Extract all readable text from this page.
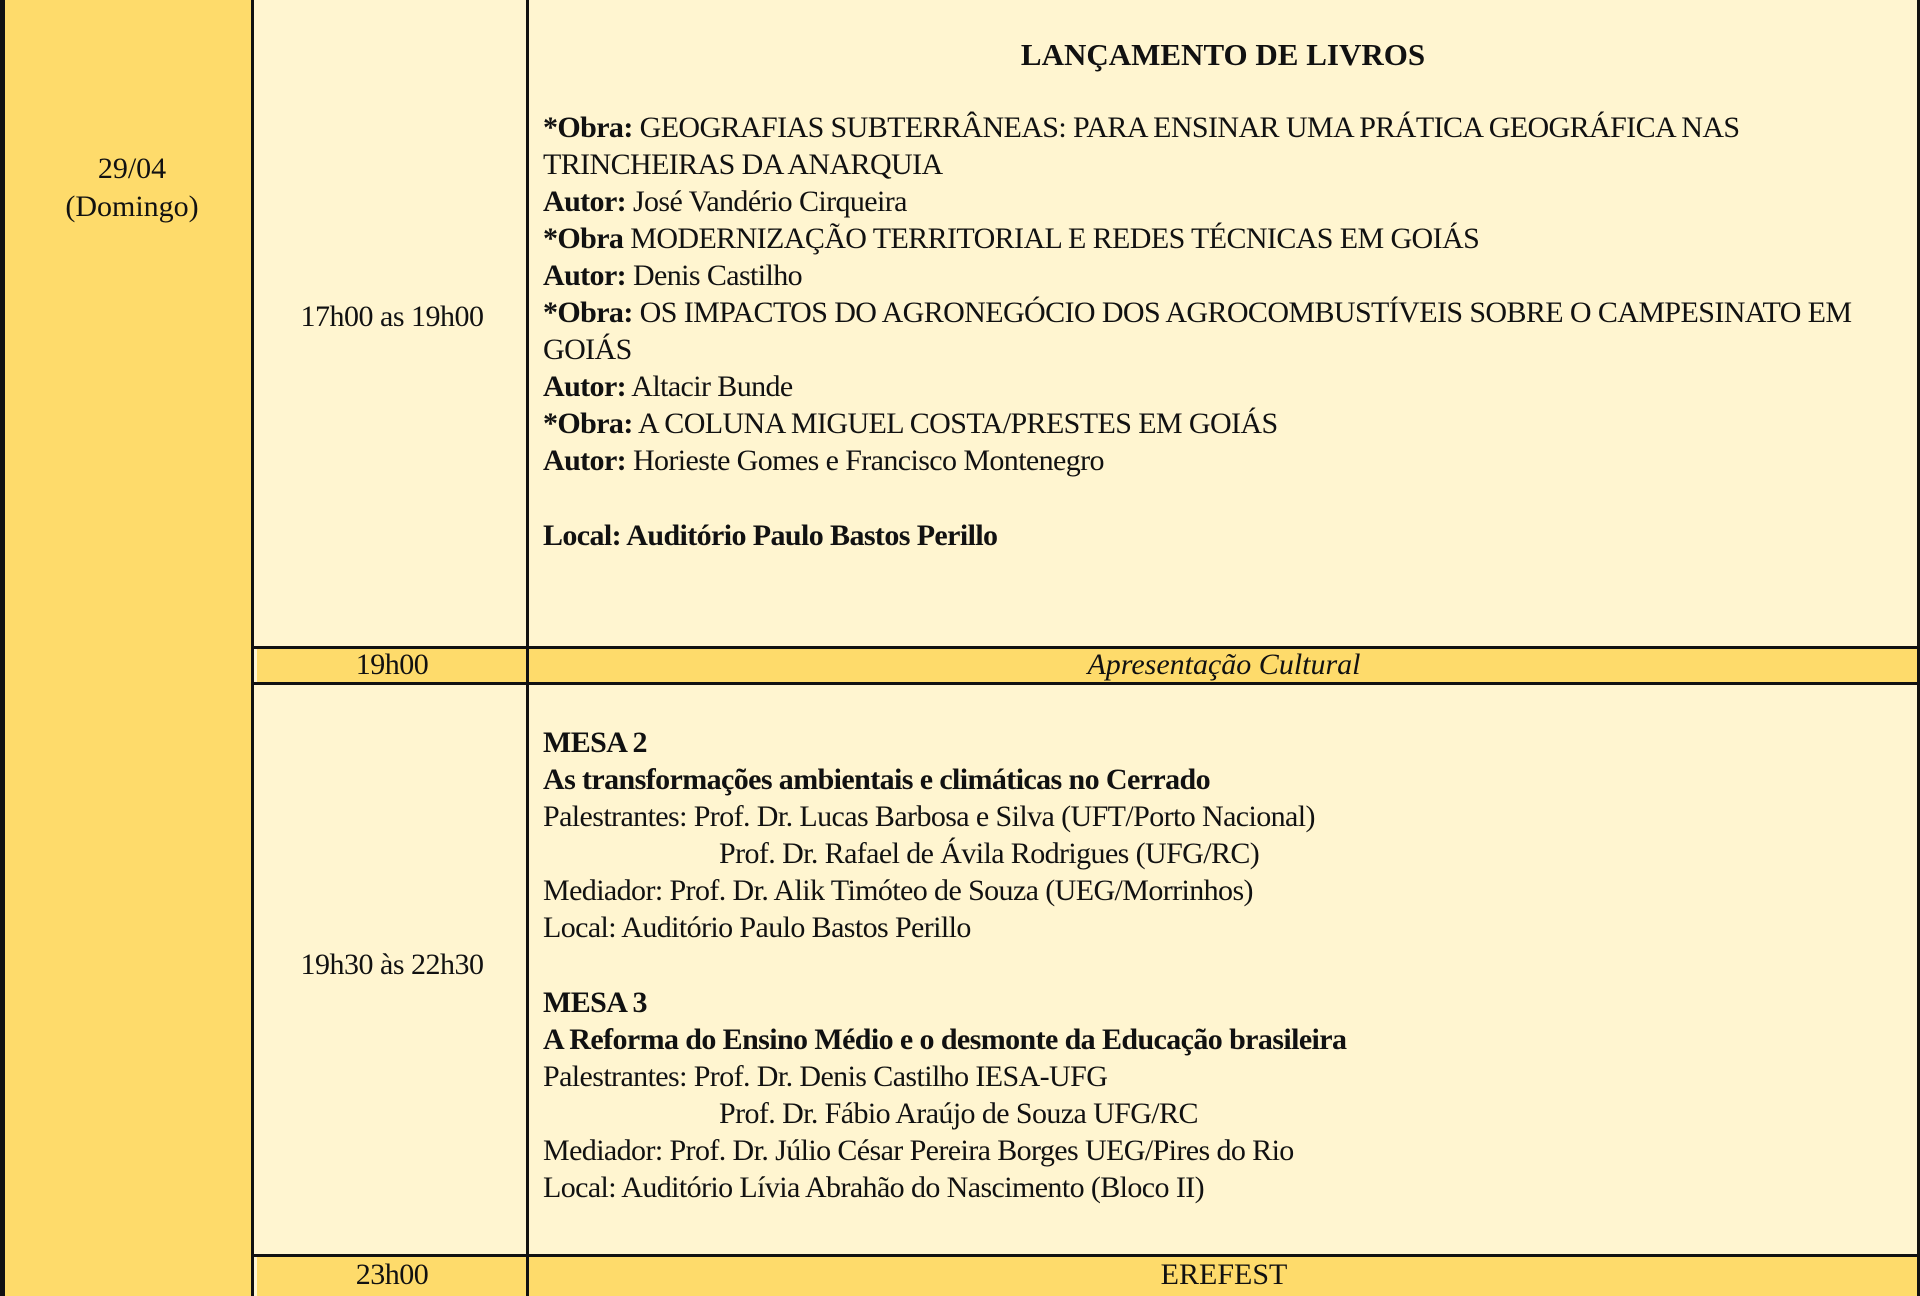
29/04
(Domingo)
17h00 as 19h00
LANÇAMENTO DE LIVROS
*Obra: GEOGRAFIAS SUBTERRÂNEAS: PARA ENSINAR UMA PRÁTICA GEOGRÁFICA NAS TRINCHEIRAS DA ANARQUIA
Autor: José Vandério Cirqueira
*Obra MODERNIZAÇÃO TERRITORIAL E REDES TÉCNICAS EM GOIÁS
Autor: Denis Castilho
*Obra: OS IMPACTOS DO AGRONEGÓCIO DOS AGROCOMBUSTÍVEIS SOBRE O CAMPESINATO EM GOIÁS
Autor: Altacir Bunde
*Obra: A COLUNA MIGUEL COSTA/PRESTES EM GOIÁS
Autor: Horieste Gomes e Francisco Montenegro
Local: Auditório Paulo Bastos Perillo
19h00	Apresentação Cultural
19h30 às 22h30
MESA 2
As transformações ambientais e climáticas no Cerrado
Palestrantes: Prof. Dr. Lucas Barbosa e Silva (UFT/Porto Nacional)
Prof. Dr. Rafael de Ávila Rodrigues (UFG/RC)
Mediador: Prof. Dr. Alik Timóteo de Souza (UEG/Morrinhos)
Local: Auditório Paulo Bastos Perillo
MESA 3
A Reforma do Ensino Médio e o desmonte da Educação brasileira
Palestrantes: Prof. Dr. Denis Castilho IESA-UFG
Prof. Dr. Fábio Araújo de Souza UFG/RC
Mediador: Prof. Dr. Júlio César Pereira Borges UEG/Pires do Rio
Local: Auditório Lívia Abrahão do Nascimento (Bloco II)
23h00	EREFEST
